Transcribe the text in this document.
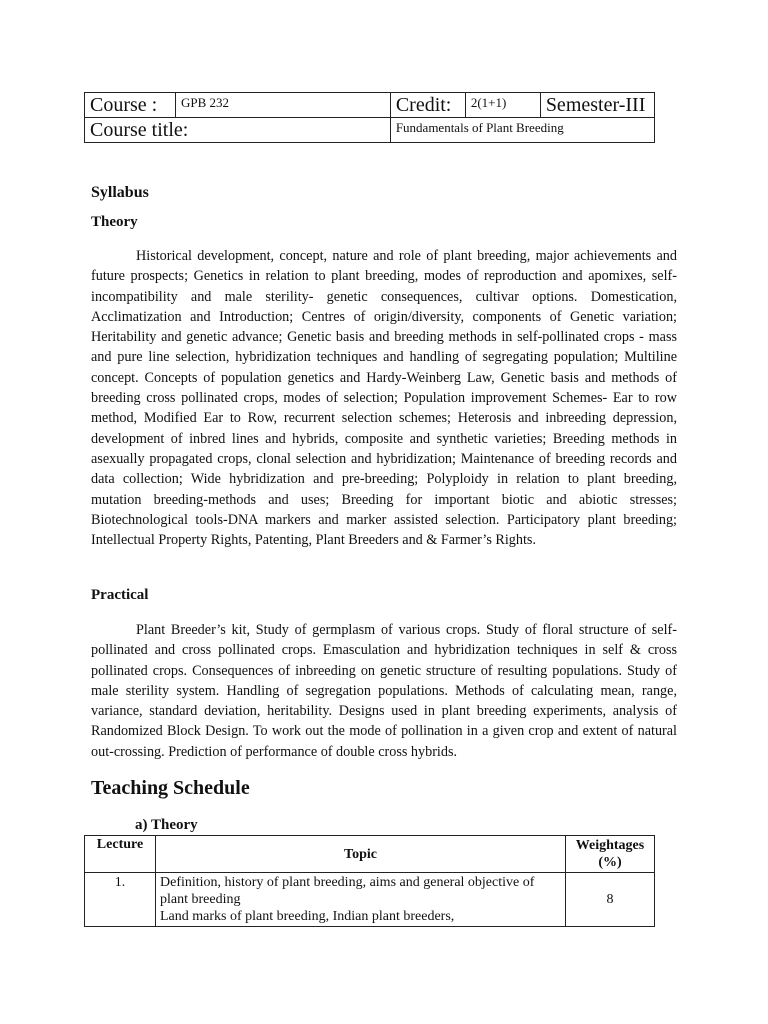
Course :	GPB 232	Credit:	2(1+1)	Semester-III
Course title:		Fundamentals of Plant Breeding		
Syllabus
Theory

Historical development, concept, nature and role of plant breeding, major achievements and future prospects; Genetics in relation to plant breeding, modes of reproduction and apomixes, self-incompatibility and male sterility- genetic consequences, cultivar options. Domestication, Acclimatization and Introduction; Centres of origin/diversity, components of Genetic variation; Heritability and genetic advance; Genetic basis and breeding methods in self-pollinated crops - mass and pure line selection, hybridization techniques and handling of segregating population; Multiline concept. Concepts of population genetics and Hardy-Weinberg Law, Genetic basis and methods of breeding cross pollinated crops, modes of selection; Population improvement Schemes- Ear to row method, Modified Ear to Row, recurrent selection schemes; Heterosis and inbreeding depression, development of inbred lines and hybrids, composite and synthetic varieties; Breeding methods in asexually propagated crops, clonal selection and hybridization; Maintenance of breeding records and data collection; Wide hybridization and pre-breeding; Polyploidy in relation to plant breeding, mutation breeding-methods and uses; Breeding for important biotic and abiotic stresses; Biotechnological tools-DNA markers and marker assisted selection. Participatory plant breeding; Intellectual Property Rights, Patenting, Plant Breeders and & Farmer’s Rights.

Practical

Plant Breeder’s kit, Study of germplasm of various crops. Study of floral structure of self-pollinated and cross pollinated crops. Emasculation and hybridization techniques in self & cross pollinated crops. Consequences of inbreeding on genetic structure of resulting populations. Study of male sterility system. Handling of segregation populations. Methods of calculating mean, range, variance, standard deviation, heritability. Designs used in plant breeding experiments, analysis of Randomized Block Design. To work out the mode of pollination in a given crop and extent of natural out-crossing. Prediction of performance of double cross hybrids.

Teaching Schedule
a) Theory
Lecture	Topic	Weightages
(%)

1.	Definition, history of plant breeding, aims and general objective of plant breeding
Land marks of plant breeding, Indian plant breeders,	8
